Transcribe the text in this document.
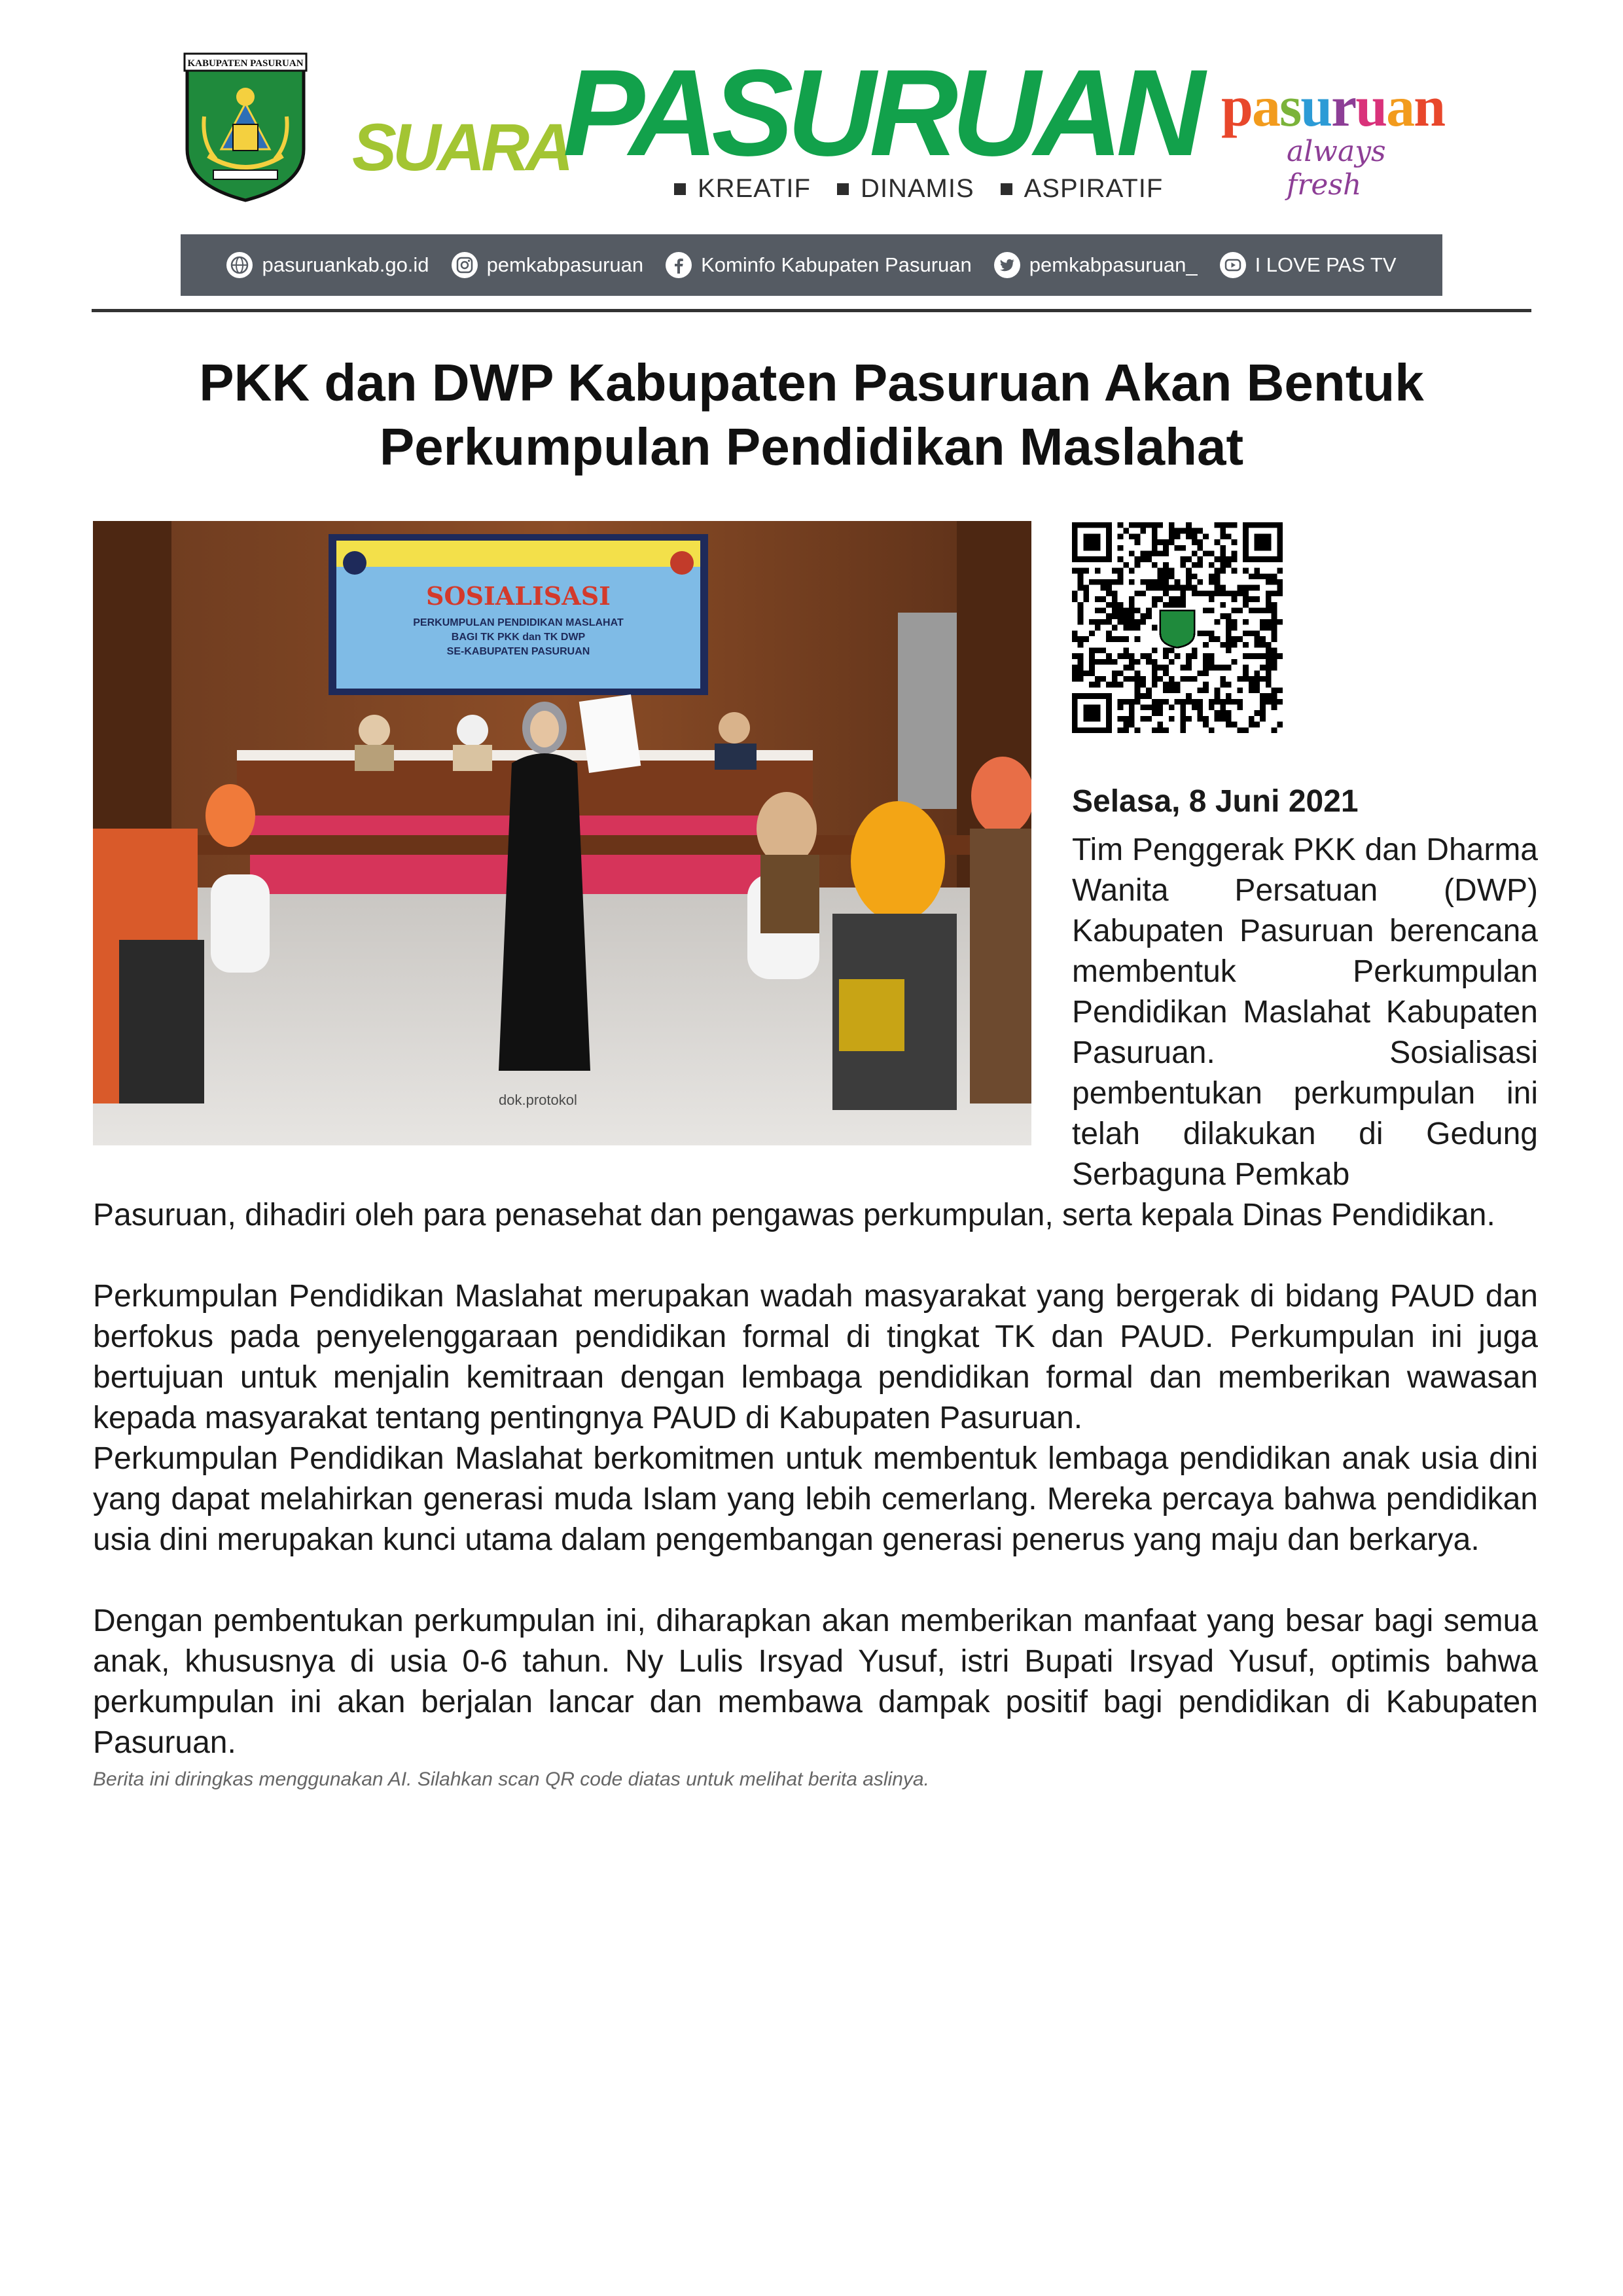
KABUPATEN PASURUAN
SUARA
PASURUAN
KREATIF DINAMIS ASPIRATIF
pasuruan
always fresh
pasuruankab.go.id	pemkabpasuruan	Kominfo Kabupaten Pasuruan	pemkabpasuruan_	I LOVE PAS TV
PKK dan DWP Kabupaten Pasuruan Akan Bentuk
Perkumpulan Pendidikan Maslahat
SOSIALISASI
PERKUMPULAN PENDIDIKAN MASLAHAT
BAGI TK PKK dan TK DWP
SE-KABUPATEN PASURUAN
dok.protokol
Selasa, 8 Juni 2021

Tim Penggerak PKK dan Dharma Wanita Persatuan (DWP) Kabupaten Pasuruan berencana membentuk Perkumpulan Pendidikan Maslahat Kabupaten Pasuruan. Sosialisasi pembentukan perkumpulan ini telah dilakukan di Gedung Serbaguna Pemkab

Pasuruan, dihadiri oleh para penasehat dan pengawas perkumpulan, serta kepala Dinas Pendidikan.

Perkumpulan Pendidikan Maslahat merupakan wadah masyarakat yang bergerak di bidang PAUD dan berfokus pada penyelenggaraan pendidikan formal di tingkat TK dan PAUD. Perkumpulan ini juga bertujuan untuk menjalin kemitraan dengan lembaga pendidikan formal dan memberikan wawasan kepada masyarakat tentang pentingnya PAUD di Kabupaten Pasuruan.

Perkumpulan Pendidikan Maslahat berkomitmen untuk membentuk lembaga pendidikan anak usia dini yang dapat melahirkan generasi muda Islam yang lebih cemerlang. Mereka percaya bahwa pendidikan usia dini merupakan kunci utama dalam pengembangan generasi penerus yang maju dan berkarya.

Dengan pembentukan perkumpulan ini, diharapkan akan memberikan manfaat yang besar bagi semua anak, khususnya di usia 0-6 tahun. Ny Lulis Irsyad Yusuf, istri Bupati Irsyad Yusuf, optimis bahwa perkumpulan ini akan berjalan lancar dan membawa dampak positif bagi pendidikan di Kabupaten Pasuruan.

Berita ini diringkas menggunakan AI. Silahkan scan QR code diatas untuk melihat berita aslinya.
